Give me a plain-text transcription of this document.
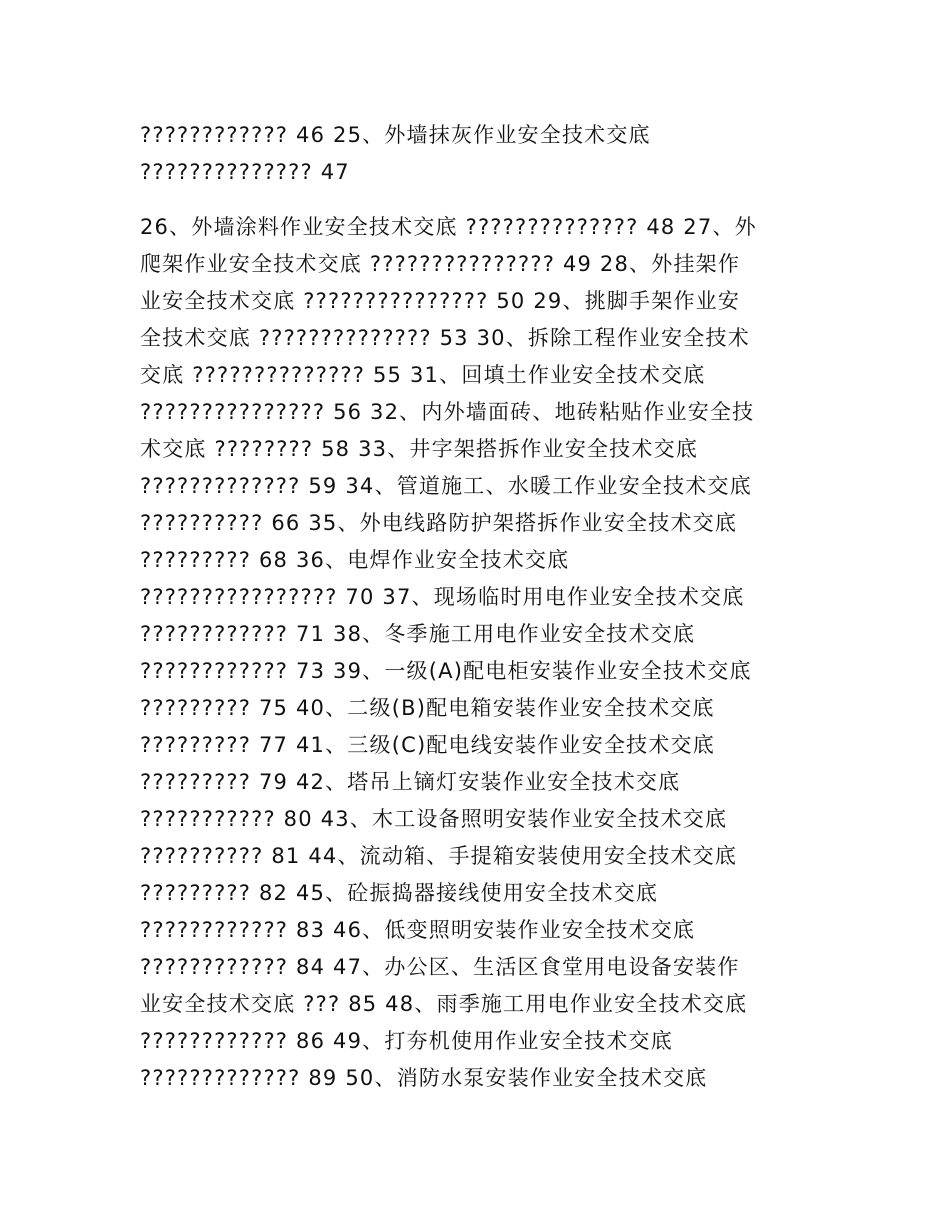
???????????? 46 25、外墙抹灰作业安全技术交底
?????????????? 47
26、外墙涂料作业安全技术交底 ?????????????? 48 27、外
爬架作业安全技术交底 ??????????????? 49 28、外挂架作
业安全技术交底 ??????????????? 50 29、挑脚手架作业安
全技术交底 ?????????????? 53 30、拆除工程作业安全技术
交底 ?????????????? 55 31、回填土作业安全技术交底
??????????????? 56 32、内外墙面砖、地砖粘贴作业安全技
术交底 ???????? 58 33、井字架搭拆作业安全技术交底
????????????? 59 34、管道施工、水暖工作业安全技术交底
?????????? 66 35、外电线路防护架搭拆作业安全技术交底
????????? 68 36、电焊作业安全技术交底
???????????????? 70 37、现场临时用电作业安全技术交底
???????????? 71 38、冬季施工用电作业安全技术交底
???????????? 73 39、一级(A)配电柜安装作业安全技术交底
????????? 75 40、二级(B)配电箱安装作业安全技术交底
????????? 77 41、三级(C)配电线安装作业安全技术交底
????????? 79 42、塔吊上镝灯安装作业安全技术交底
??????????? 80 43、木工设备照明安装作业安全技术交底
?????????? 81 44、流动箱、手提箱安装使用安全技术交底
????????? 82 45、砼振捣器接线使用安全技术交底
???????????? 83 46、低变照明安装作业安全技术交底
???????????? 84 47、办公区、生活区食堂用电设备安装作
业安全技术交底 ??? 85 48、雨季施工用电作业安全技术交底
???????????? 86 49、打夯机使用作业安全技术交底
????????????? 89 50、消防水泵安装作业安全技术交底
